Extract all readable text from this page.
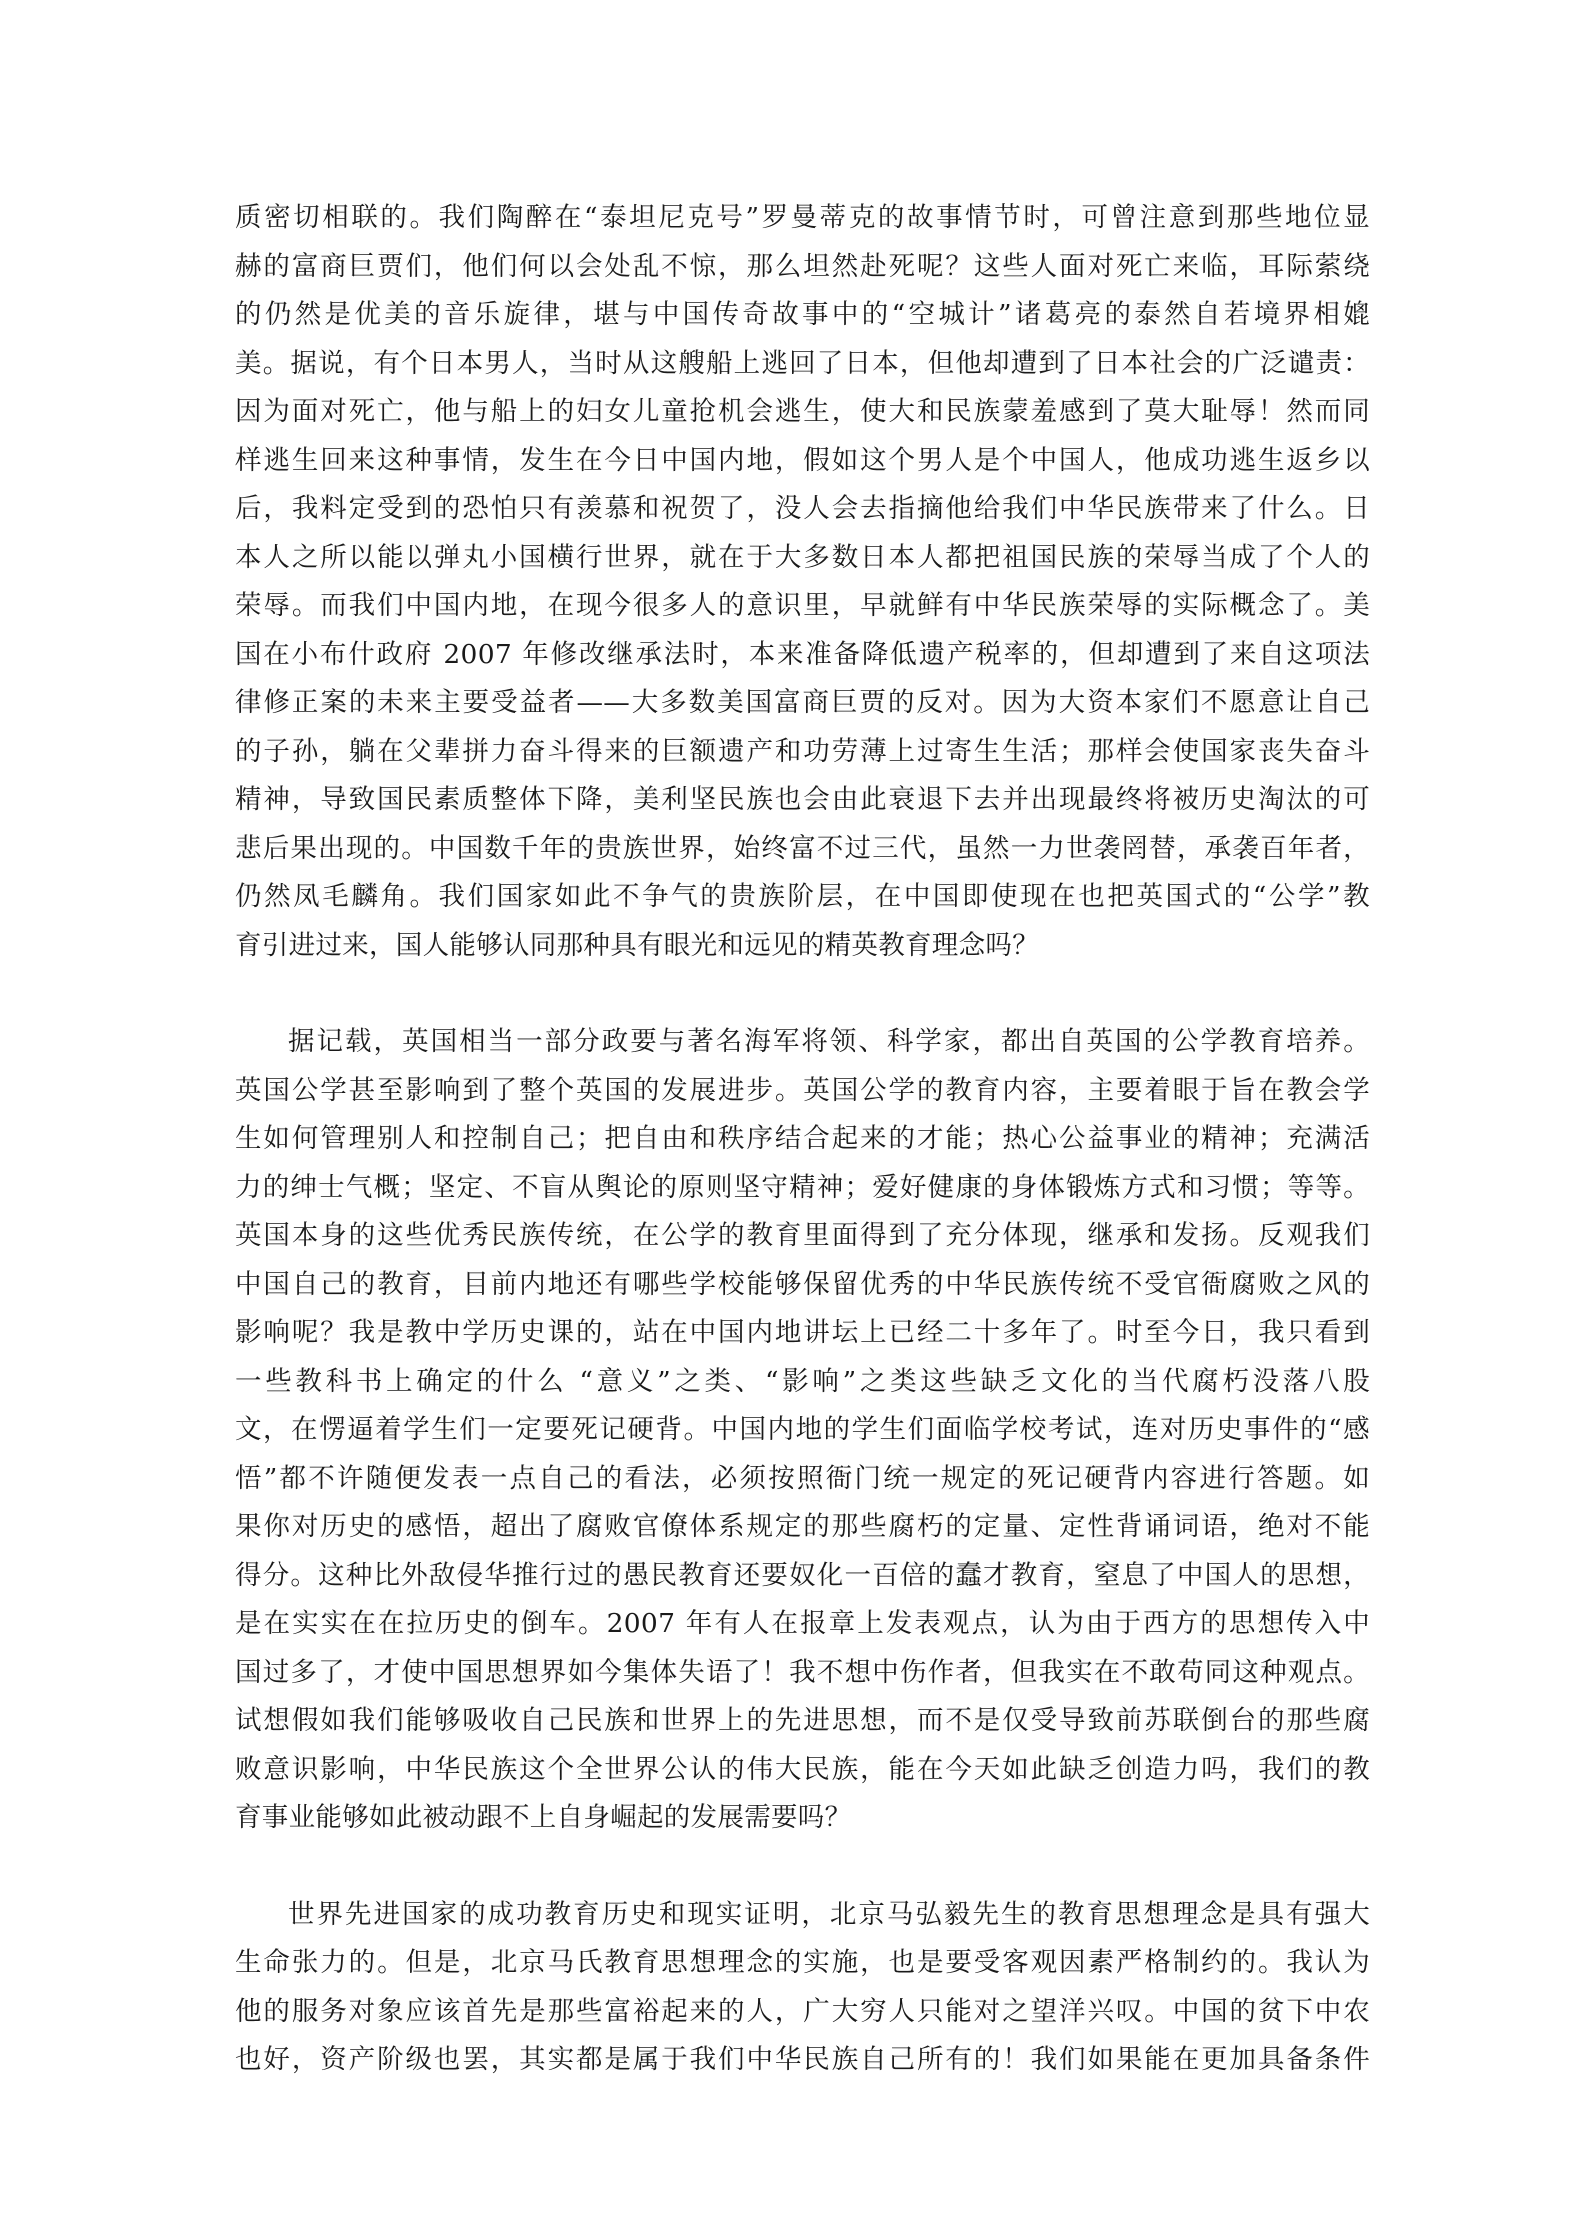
质密切相联的。我们陶醉在“泰坦尼克号”罗曼蒂克的故事情节时，可曾注意到那些地位显
赫的富商巨贾们，他们何以会处乱不惊，那么坦然赴死呢？这些人面对死亡来临，耳际萦绕
的仍然是优美的音乐旋律，堪与中国传奇故事中的“空城计”诸葛亮的泰然自若境界相媲
美。据说，有个日本男人，当时从这艘船上逃回了日本，但他却遭到了日本社会的广泛谴责：
因为面对死亡，他与船上的妇女儿童抢机会逃生，使大和民族蒙羞感到了莫大耻辱！然而同
样逃生回来这种事情，发生在今日中国内地，假如这个男人是个中国人，他成功逃生返乡以
后，我料定受到的恐怕只有羡慕和祝贺了，没人会去指摘他给我们中华民族带来了什么。日
本人之所以能以弹丸小国横行世界，就在于大多数日本人都把祖国民族的荣辱当成了个人的
荣辱。而我们中国内地，在现今很多人的意识里，早就鲜有中华民族荣辱的实际概念了。美
国在小布什政府 2007 年修改继承法时，本来准备降低遗产税率的，但却遭到了来自这项法
律修正案的未来主要受益者——大多数美国富商巨贾的反对。因为大资本家们不愿意让自己
的子孙，躺在父辈拼力奋斗得来的巨额遗产和功劳薄上过寄生生活；那样会使国家丧失奋斗
精神，导致国民素质整体下降，美利坚民族也会由此衰退下去并出现最终将被历史淘汰的可
悲后果出现的。中国数千年的贵族世界，始终富不过三代，虽然一力世袭罔替，承袭百年者，
仍然凤毛麟角。我们国家如此不争气的贵族阶层，在中国即使现在也把英国式的“公学”教
育引进过来，国人能够认同那种具有眼光和远见的精英教育理念吗？
据记载，英国相当一部分政要与著名海军将领、科学家，都出自英国的公学教育培养。
英国公学甚至影响到了整个英国的发展进步。英国公学的教育内容，主要着眼于旨在教会学
生如何管理别人和控制自己；把自由和秩序结合起来的才能；热心公益事业的精神；充满活
力的绅士气概；坚定、不盲从舆论的原则坚守精神；爱好健康的身体锻炼方式和习惯；等等。
英国本身的这些优秀民族传统，在公学的教育里面得到了充分体现，继承和发扬。反观我们
中国自己的教育，目前内地还有哪些学校能够保留优秀的中华民族传统不受官衙腐败之风的
影响呢？我是教中学历史课的，站在中国内地讲坛上已经二十多年了。时至今日，我只看到
一些教科书上确定的什么 “意义”之类、“影响”之类这些缺乏文化的当代腐朽没落八股
文，在愣逼着学生们一定要死记硬背。中国内地的学生们面临学校考试，连对历史事件的“感
悟”都不许随便发表一点自己的看法，必须按照衙门统一规定的死记硬背内容进行答题。如
果你对历史的感悟，超出了腐败官僚体系规定的那些腐朽的定量、定性背诵词语，绝对不能
得分。这种比外敌侵华推行过的愚民教育还要奴化一百倍的蠢才教育，窒息了中国人的思想，
是在实实在在拉历史的倒车。2007 年有人在报章上发表观点，认为由于西方的思想传入中
国过多了，才使中国思想界如今集体失语了！我不想中伤作者，但我实在不敢苟同这种观点。
试想假如我们能够吸收自己民族和世界上的先进思想，而不是仅受导致前苏联倒台的那些腐
败意识影响，中华民族这个全世界公认的伟大民族，能在今天如此缺乏创造力吗，我们的教
育事业能够如此被动跟不上自身崛起的发展需要吗？
世界先进国家的成功教育历史和现实证明，北京马弘毅先生的教育思想理念是具有强大
生命张力的。但是，北京马氏教育思想理念的实施，也是要受客观因素严格制约的。我认为
他的服务对象应该首先是那些富裕起来的人，广大穷人只能对之望洋兴叹。中国的贫下中农
也好，资产阶级也罢，其实都是属于我们中华民族自己所有的！我们如果能在更加具备条件
